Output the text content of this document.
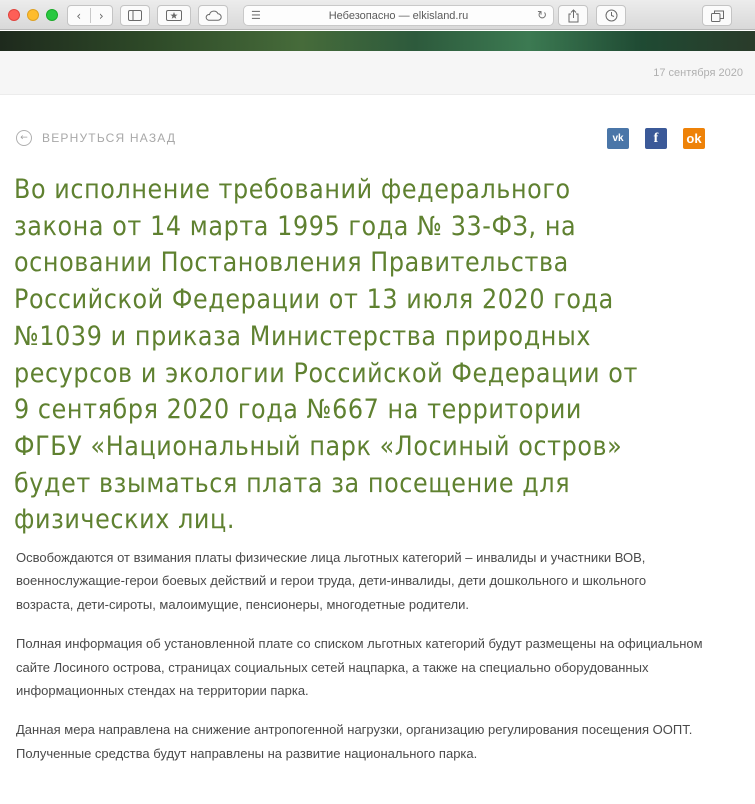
‹	›	☰	Небезопасно — elkisland.ru	↻
17 сентября 2020
←	ВЕРНУТЬСЯ НАЗАД	vk	f	ok
Во исполнение требований федерального
закона от 14 марта 1995 года № 33-ФЗ, на
основании Постановления Правительства
Российской Федерации от 13 июля 2020 года
№1039 и приказа Министерства природных
ресурсов и экологии Российской Федерации от
9 сентября 2020 года №667 на территории
ФГБУ «Национальный парк «Лосиный остров»
будет взыматься плата за посещение для
физических лиц.

Освобождаются от взимания платы физические лица льготных категорий – инвалиды и участники ВОВ,
военнослужащие-герои боевых действий и герои труда, дети-инвалиды, дети дошкольного и школьного
возраста, дети-сироты, малоимущие, пенсионеры, многодетные родители.

Полная информация об установленной плате со списком льготных категорий будут размещены на официальном
сайте Лосиного острова, страницах социальных сетей нацпарка, а также на специально оборудованных
информационных стендах на территории парка.

Данная мера направлена на снижение антропогенной нагрузки, организацию регулирования посещения ООПТ.
Полученные средства будут направлены на развитие национального парка.
